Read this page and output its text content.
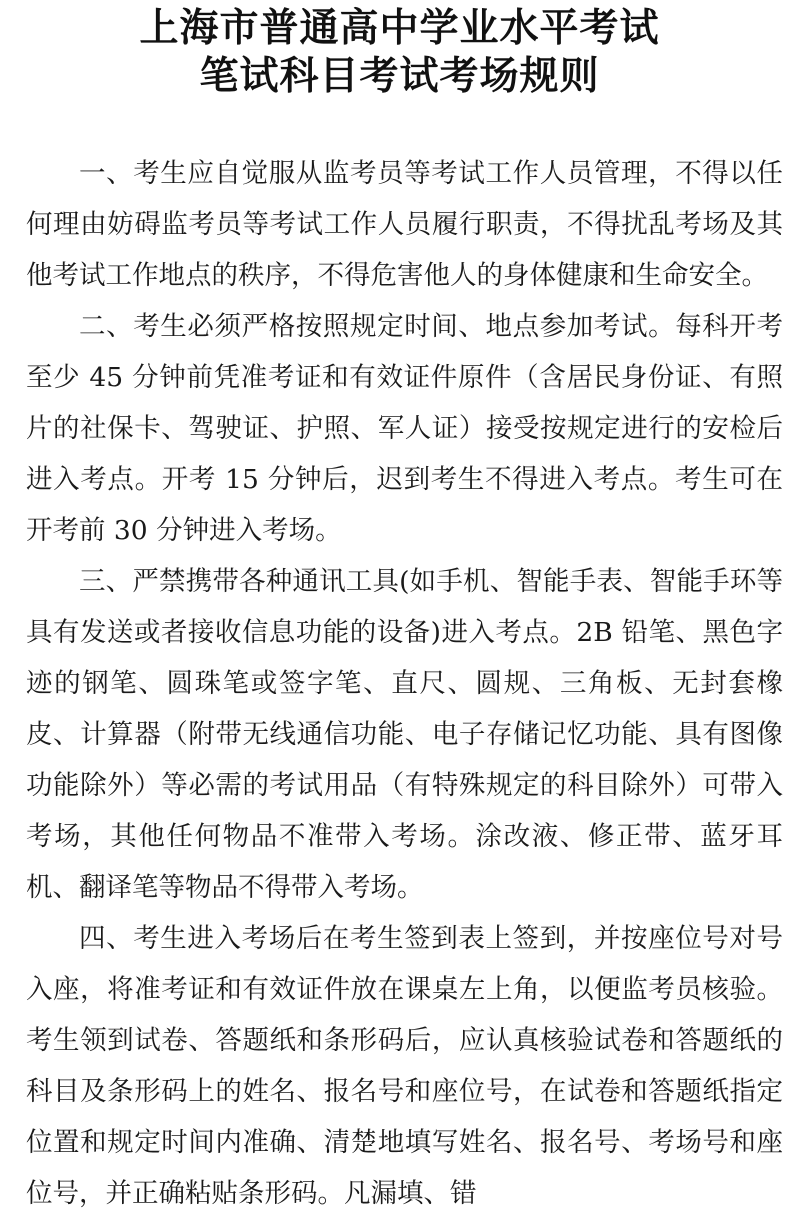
上海市普通高中学业水平考试
笔试科目考试考场规则

一、考生应自觉服从监考员等考试工作人员管理，不得以任何理由妨碍监考员等考试工作人员履行职责，不得扰乱考场及其他考试工作地点的秩序，不得危害他人的身体健康和生命安全。

二、考生必须严格按照规定时间、地点参加考试。每科开考至少 45 分钟前凭准考证和有效证件原件（含居民身份证、有照片的社保卡、驾驶证、护照、军人证）接受按规定进行的安检后进入考点。开考 15 分钟后，迟到考生不得进入考点。考生可在开考前 30 分钟进入考场。

三、严禁携带各种通讯工具(如手机、智能手表、智能手环等具有发送或者接收信息功能的设备)进入考点。2B 铅笔、黑色字迹的钢笔、圆珠笔或签字笔、直尺、圆规、三角板、无封套橡皮、计算器（附带无线通信功能、电子存储记忆功能、具有图像功能除外）等必需的考试用品（有特殊规定的科目除外）可带入考场，其他任何物品不准带入考场。涂改液、修正带、蓝牙耳机、翻译笔等物品不得带入考场。

四、考生进入考场后在考生签到表上签到，并按座位号对号入座，将准考证和有效证件放在课桌左上角，以便监考员核验。考生领到试卷、答题纸和条形码后，应认真核验试卷和答题纸的科目及条形码上的姓名、报名号和座位号，在试卷和答题纸指定位置和规定时间内准确、清楚地填写姓名、报名号、考场号和座位号，并正确粘贴条形码。凡漏填、错
